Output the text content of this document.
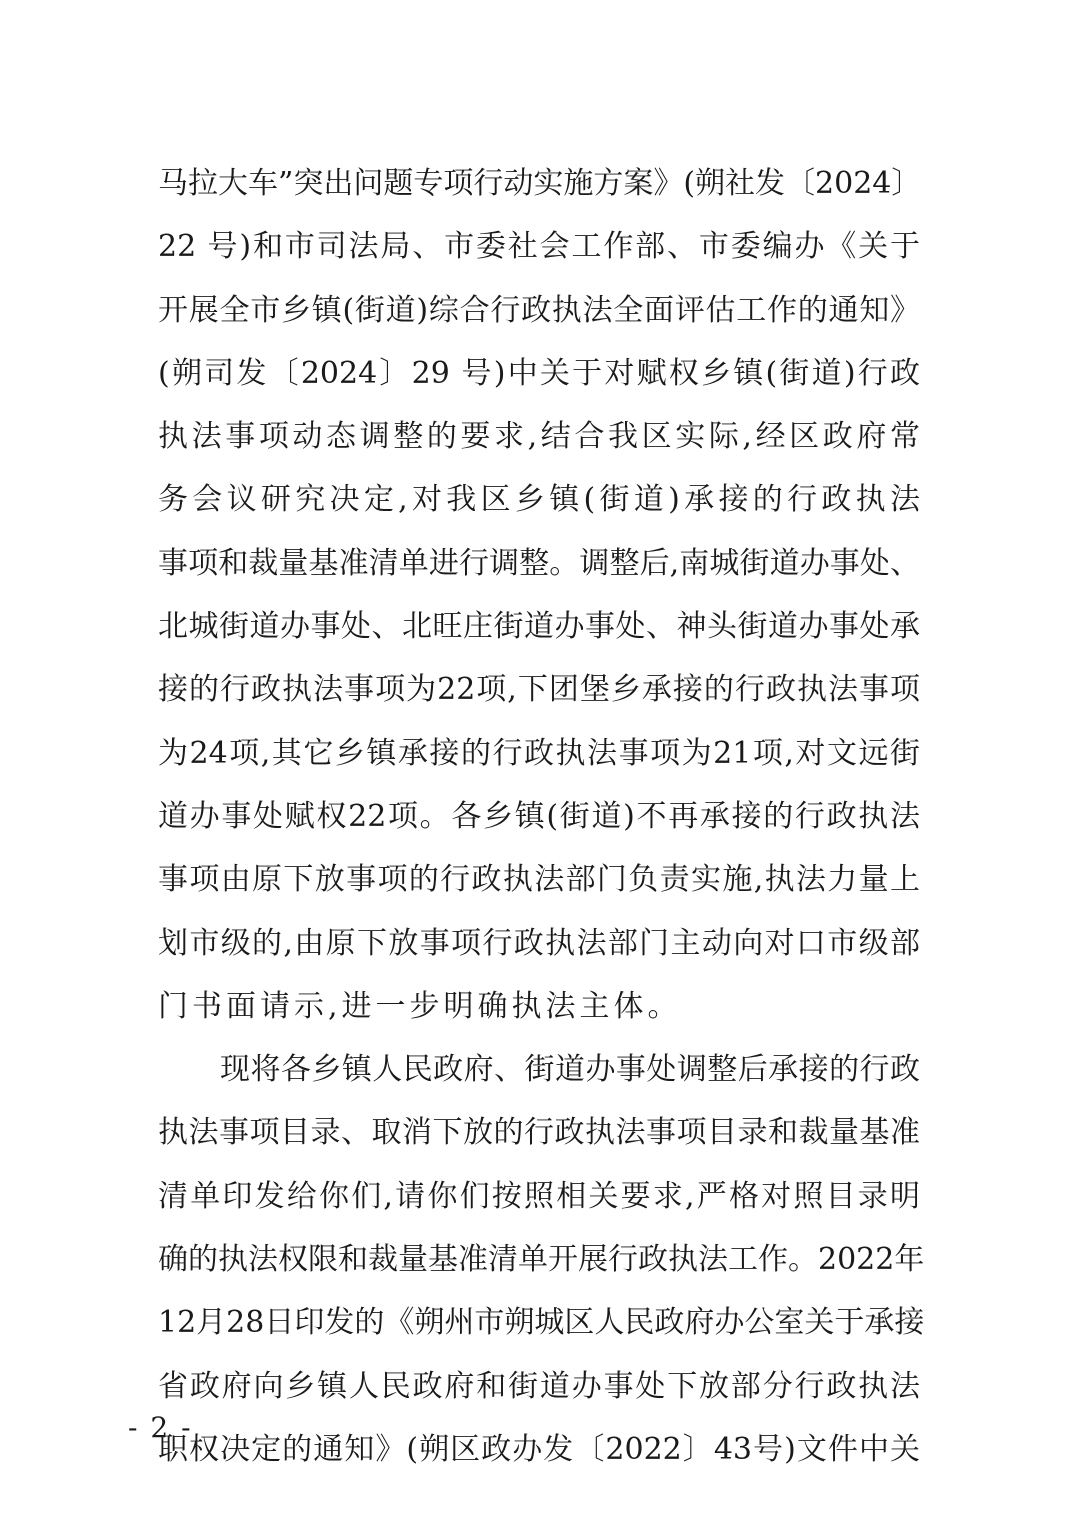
马拉大车”突出问题专项行动实施方案》(朔社发〔2024〕
22 号)和市司法局、市委社会工作部、市委编办《关于
开展全市乡镇(街道)综合行政执法全面评估工作的通知》
(朔司发〔2024〕29 号)中关于对赋权乡镇(街道)行政
执法事项动态调整的要求,结合我区实际,经区政府常
务会议研究决定,对我区乡镇(街道)承接的行政执法
事项和裁量基准清单进行调整。调整后,南城街道办事处、
北城街道办事处、北旺庄街道办事处、神头街道办事处承
接的行政执法事项为22项,下团堡乡承接的行政执法事项
为24项,其它乡镇承接的行政执法事项为21项,对文远街
道办事处赋权22项。各乡镇(街道)不再承接的行政执法
事项由原下放事项的行政执法部门负责实施,执法力量上
划市级的,由原下放事项行政执法部门主动向对口市级部
门书面请示,进一步明确执法主体。
现将各乡镇人民政府、街道办事处调整后承接的行政
执法事项目录、取消下放的行政执法事项目录和裁量基准
清单印发给你们,请你们按照相关要求,严格对照目录明
确的执法权限和裁量基准清单开展行政执法工作。2022年
12月28日印发的《朔州市朔城区人民政府办公室关于承接
省政府向乡镇人民政府和街道办事处下放部分行政执法
职权决定的通知》(朔区政办发〔2022〕43号)文件中关
- 2 -
